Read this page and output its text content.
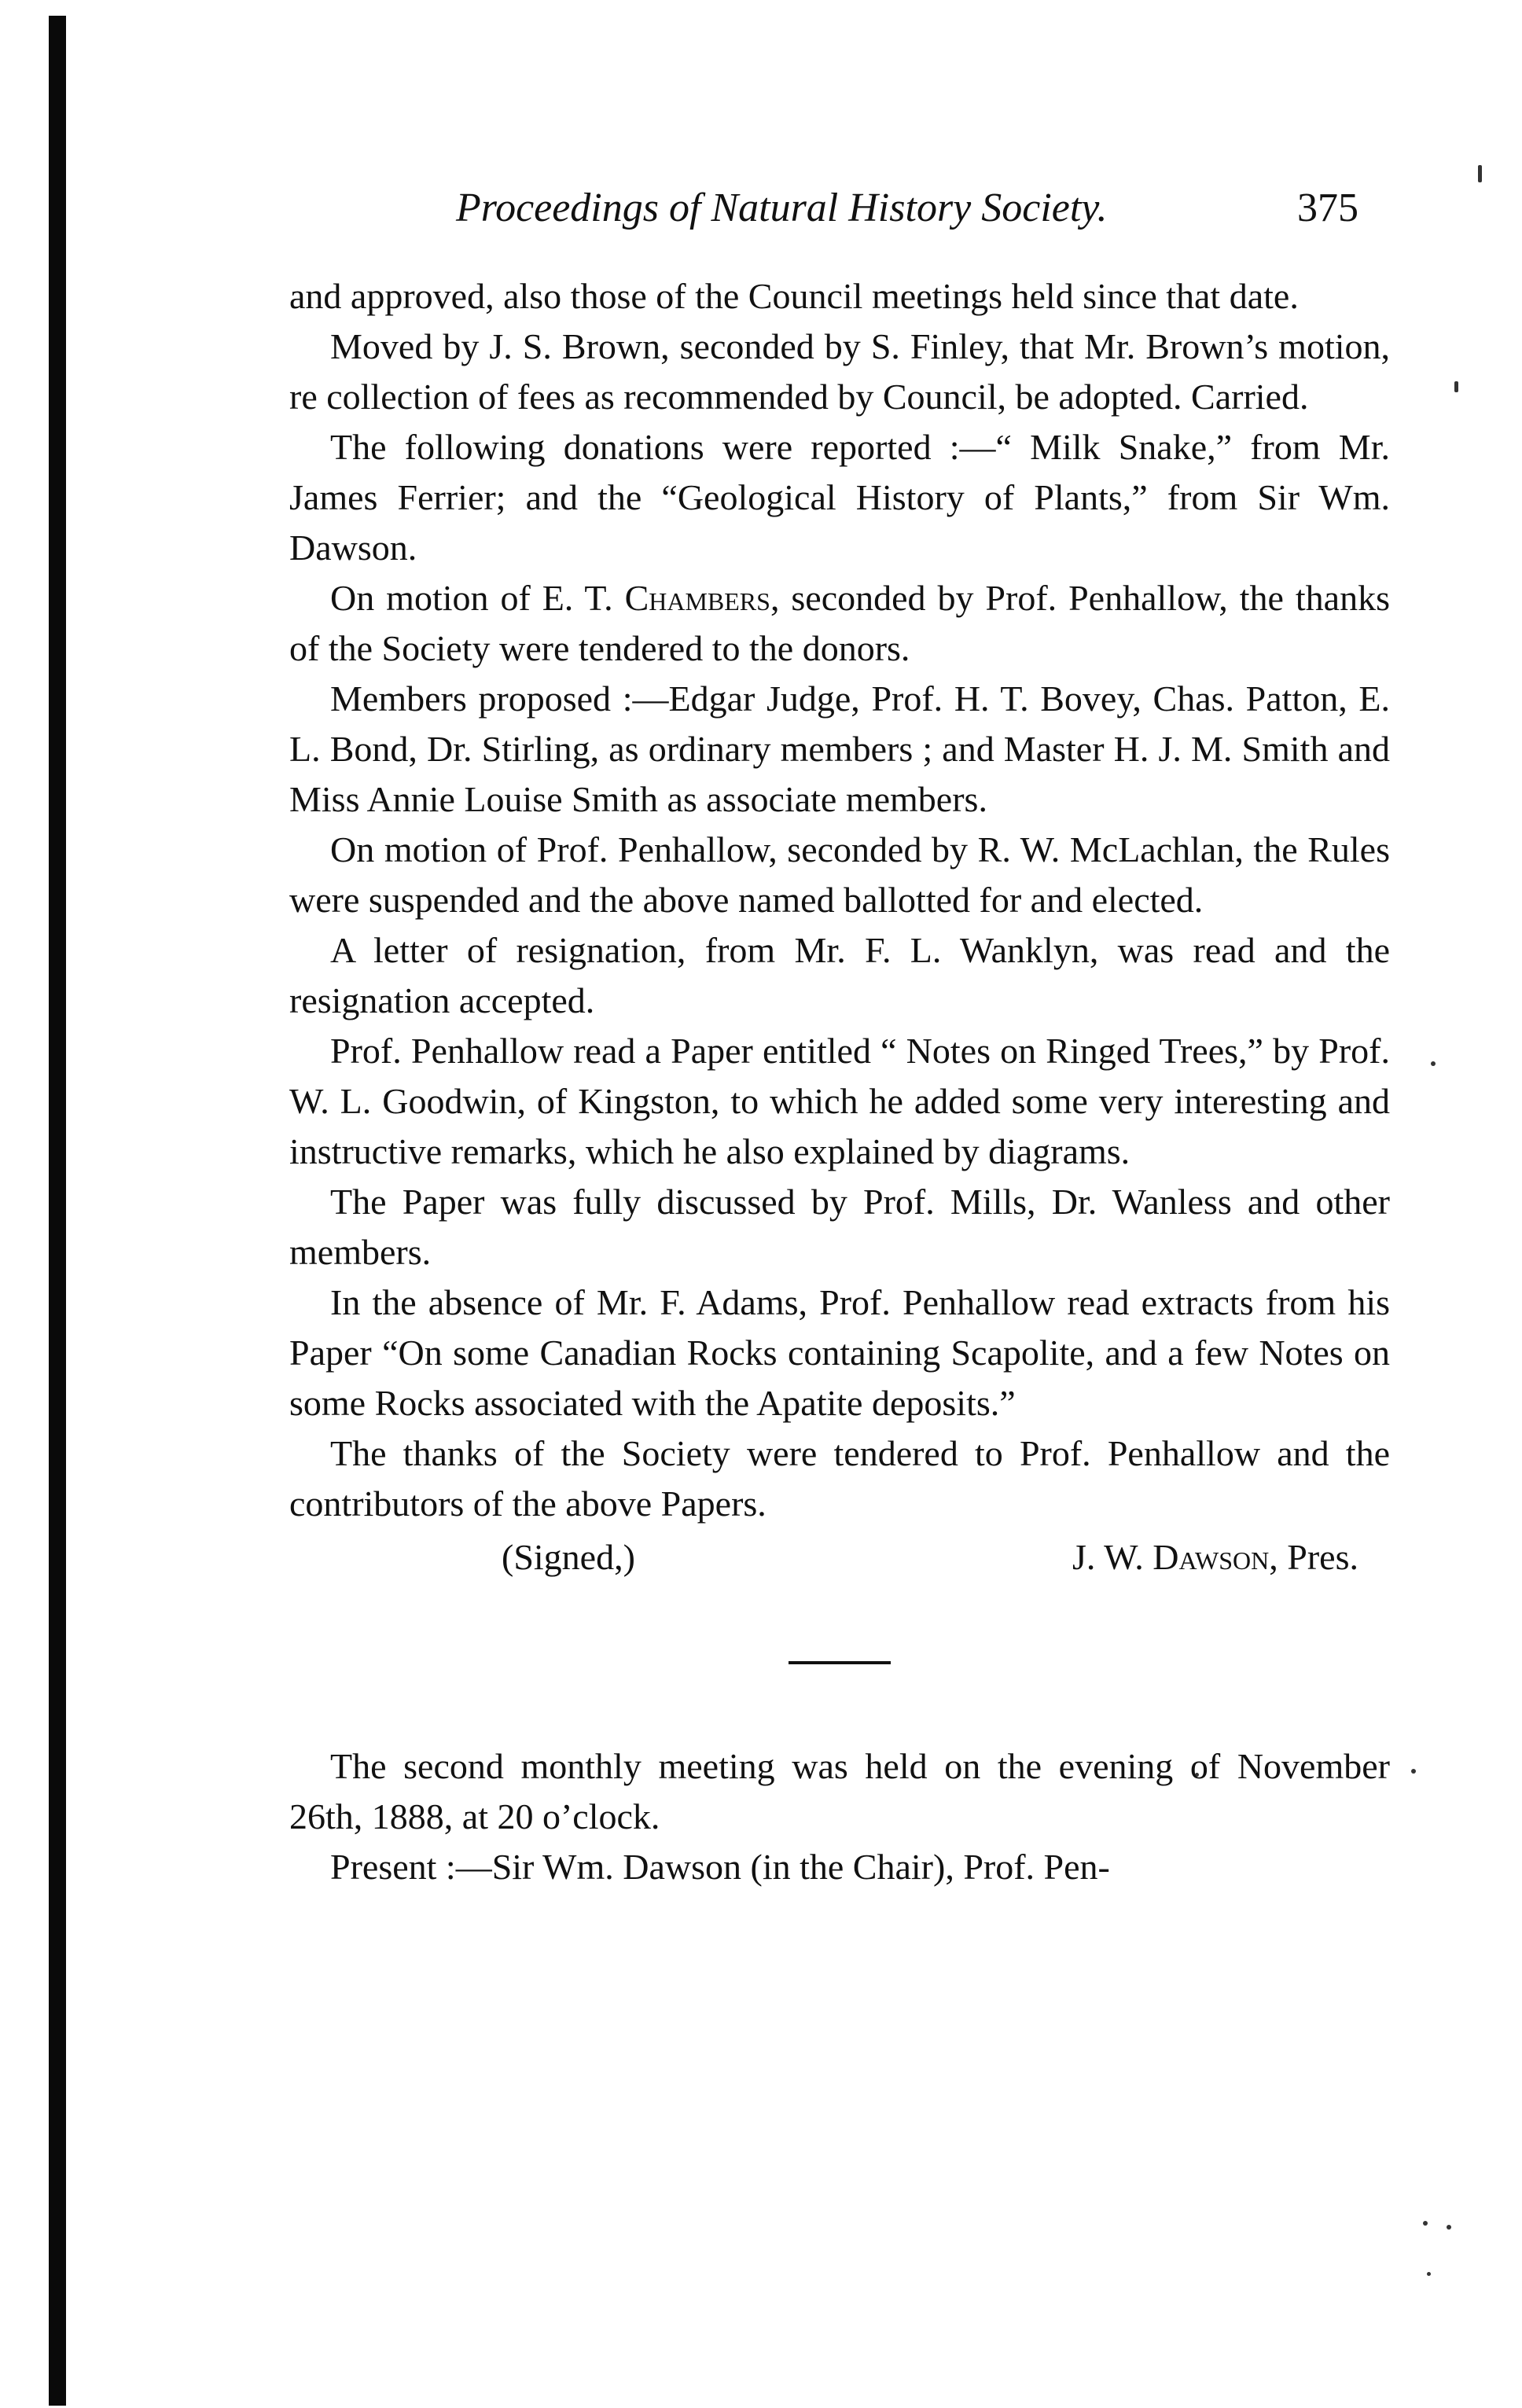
Proceedings of Natural History Society.	375

and approved, also those of the Council meetings held since that date.

Moved by J. S. Brown, seconded by S. Finley, that Mr. Brown’s motion, re collection of fees as recommended by Council, be adopted. Carried.

The following donations were reported :—“ Milk Snake,” from Mr. James Ferrier; and the “Geological History of Plants,” from Sir Wm. Dawson.

On motion of E. T. Chambers, seconded by Prof. Penhallow, the thanks of the Society were tendered to the donors.

Members proposed :—Edgar Judge, Prof. H. T. Bovey, Chas. Patton, E. L. Bond, Dr. Stirling, as ordinary members ; and Master H. J. M. Smith and Miss Annie Louise Smith as associate members.

On motion of Prof. Penhallow, seconded by R. W. McLachlan, the Rules were suspended and the above named ballotted for and elected.

A letter of resignation, from Mr. F. L. Wanklyn, was read and the resignation accepted.

Prof. Penhallow read a Paper entitled “ Notes on Ringed Trees,” by Prof. W. L. Goodwin, of Kingston, to which he added some very interesting and instructive remarks, which he also explained by diagrams.

The Paper was fully discussed by Prof. Mills, Dr. Wanless and other members.

In the absence of Mr. F. Adams, Prof. Penhallow read extracts from his Paper “On some Canadian Rocks containing Scapolite, and a few Notes on some Rocks associated with the Apatite deposits.”

The thanks of the Society were tendered to Prof. Penhallow and the contributors of the above Papers.

(Signed,)	J. W. Dawson, Pres.

The second monthly meeting was held on the evening of November 26th, 1888, at 20 o’clock.

Present :—Sir Wm. Dawson (in the Chair), Prof. Pen-
